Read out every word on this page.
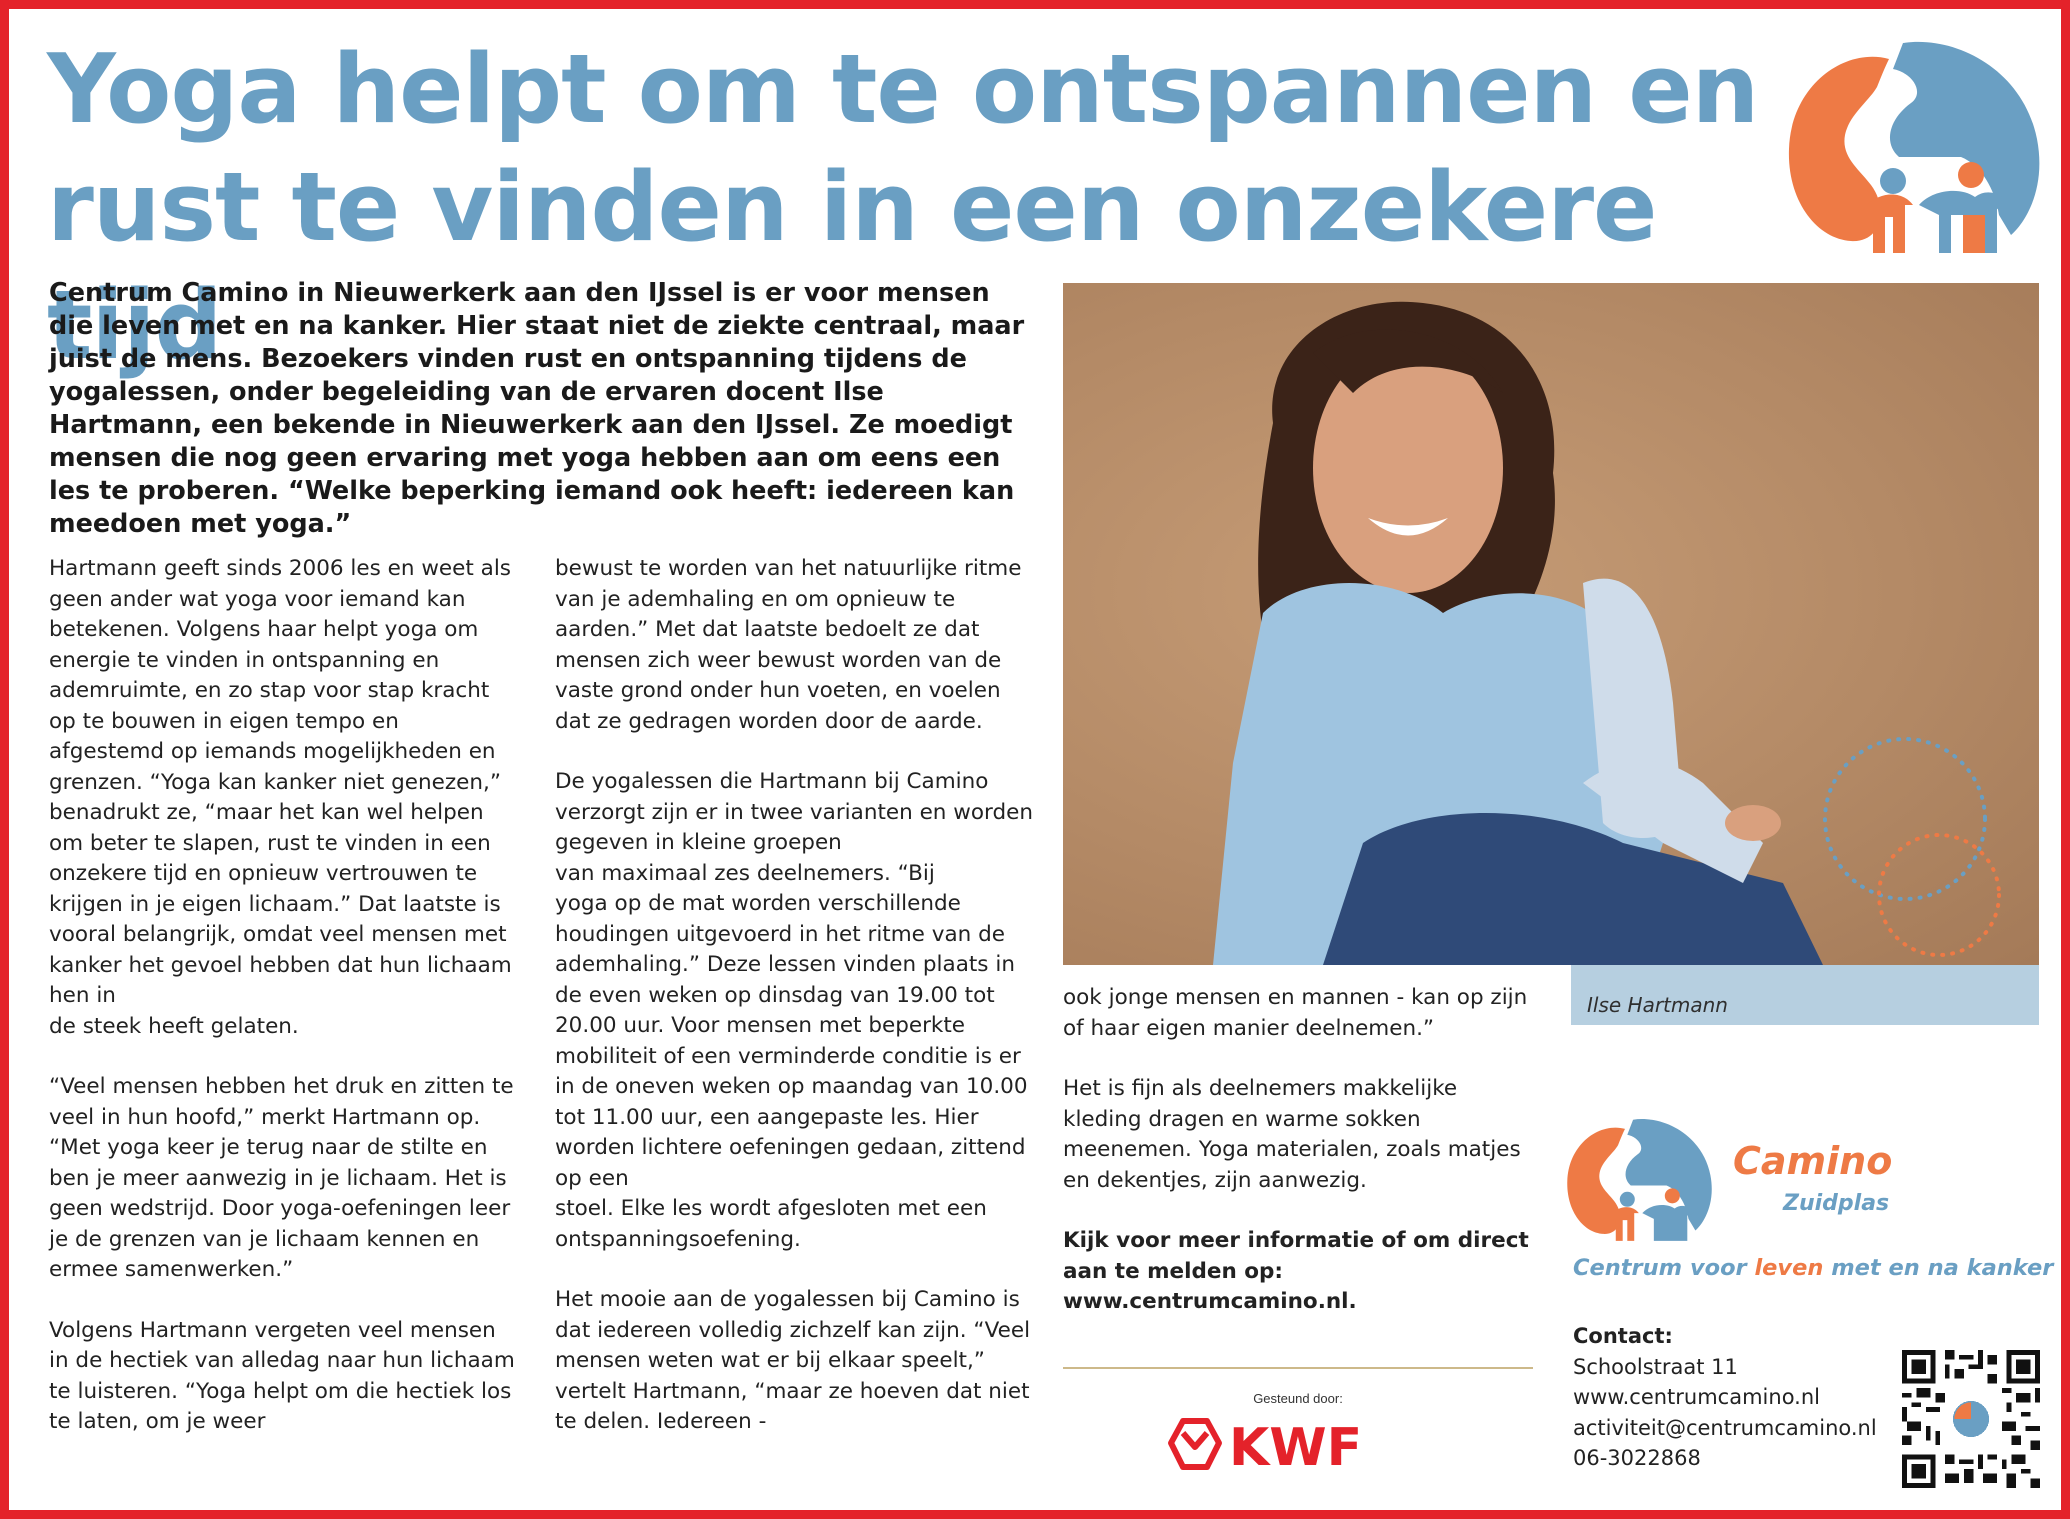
Yoga helpt om te ontspannen en rust te vinden in een onzekere tijd

Centrum Camino in Nieuwerkerk aan den IJssel is er voor mensen die leven met en na kanker. Hier staat niet de ziekte centraal, maar juist de mens. Bezoekers vinden rust en ontspanning tijdens de yogalessen, onder begeleiding van de ervaren docent Ilse Hartmann, een bekende in Nieuwerkerk aan den IJssel. Ze moedigt mensen die nog geen ervaring met yoga hebben aan om eens een les te proberen. “Welke beperking iemand ook heeft: iedereen kan meedoen met yoga.”

Hartmann geeft sinds 2006 les en weet als geen ander wat yoga voor iemand kan betekenen. Volgens haar helpt yoga om energie te vinden in ontspanning en ademruimte, en zo stap voor stap kracht op te bouwen in eigen tempo en afgestemd op iemands mogelijkheden en grenzen. “Yoga kan kanker niet genezen,” benadrukt ze, “maar het kan wel helpen om beter te slapen, rust te vinden in een onzekere tijd en opnieuw vertrouwen te krijgen in je eigen lichaam.” Dat laatste is vooral belangrijk, omdat veel mensen met kanker het gevoel hebben dat hun lichaam hen in
de steek heeft gelaten.

“Veel mensen hebben het druk en zitten te veel in hun hoofd,” merkt Hartmann op. “Met yoga keer je terug naar de stilte en ben je meer aanwezig in je lichaam. Het is geen wedstrijd. Door yoga-oefeningen leer je de grenzen van je lichaam kennen en ermee samenwerken.”

Volgens Hartmann vergeten veel mensen in de hectiek van alledag naar hun lichaam te luisteren. “Yoga helpt om die hectiek los te laten, om je weer

bewust te worden van het natuurlijke ritme van je ademhaling en om opnieuw te aarden.” Met dat laatste bedoelt ze dat mensen zich weer bewust worden van de vaste grond onder hun voeten, en voelen dat ze gedragen worden door de aarde.

De yogalessen die Hartmann bij Camino verzorgt zijn er in twee varianten en worden gegeven in kleine groepen
van maximaal zes deelnemers. “Bij
yoga op de mat worden verschillende houdingen uitgevoerd in het ritme van de ademhaling.” Deze lessen vinden plaats in de even weken op dinsdag van 19.00 tot 20.00 uur. Voor mensen met beperkte mobiliteit of een verminderde conditie is er in de oneven weken op maandag van 10.00 tot 11.00 uur, een aangepaste les. Hier worden lichtere oefeningen gedaan, zittend op een
stoel. Elke les wordt afgesloten met een ontspanningsoefening.

Het mooie aan de yogalessen bij Camino is dat iedereen volledig zichzelf kan zijn. “Veel mensen weten wat er bij elkaar speelt,” vertelt Hartmann, “maar ze hoeven dat niet te delen. Iedereen -

Ilse Hartmann

ook jonge mensen en mannen - kan op zijn of haar eigen manier deelnemen.”

Het is fijn als deelnemers makkelijke kleding dragen en warme sokken meenemen. Yoga materialen, zoals matjes en dekentjes, zijn aanwezig.

Kijk voor meer informatie of om direct aan te melden op: www.centrumcamino.nl.

Gesteund door:
KWF
Camino
Zuidplas
Centrum voor leven met en na kanker
Contact:
Schoolstraat 11
www.centrumcamino.nl
activiteit@centrumcamino.nl
06-3022868
